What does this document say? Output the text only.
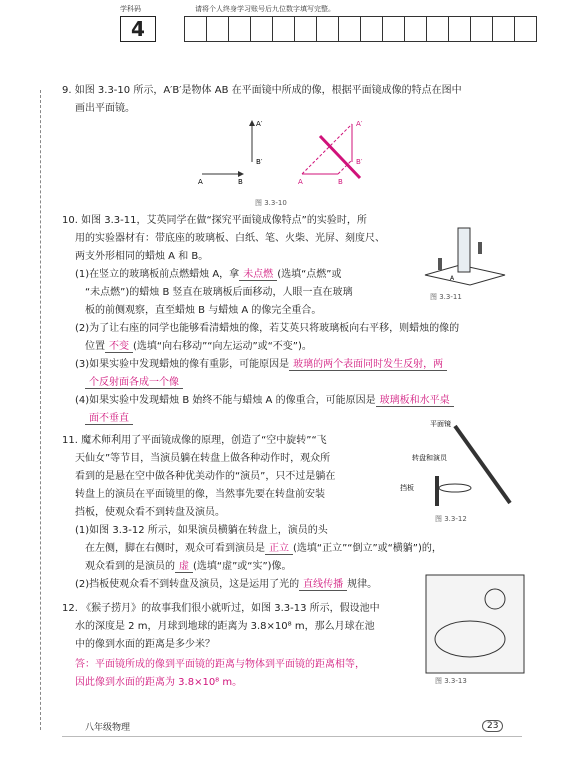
学科码	请将个人终身学习账号后九位数字填写完整。
4
9. 如图 3.3-10 所示，A′B′是物体 AB 在平面镜中所成的像，根据平面镜成像的特点在图中
画出平面镜。
A	B
A′
B′
A	B
A′
B′
图 3.3-10
10. 如图 3.3-11，艾英同学在做“探究平面镜成像特点”的实验时，所
用的实验器材有：带底座的玻璃板、白纸、笔、火柴、光屏、刻度尺、
两支外形相同的蜡烛 A 和 B。
(1)在竖立的玻璃板前点燃蜡烛 A，拿 未点燃 (选填“点燃”或
“未点燃”)的蜡烛 B 竖直在玻璃板后面移动，人眼一直在玻璃
板的前侧观察，直至蜡烛 B 与蜡烛 A 的像完全重合。
(2)为了让右座的同学也能够看清蜡烛的像，若艾英只将玻璃板向右平移，则蜡烛的像的
位置 不变 (选填“向右移动”“向左运动”或“不变”)。
(3)如果实验中发现蜡烛的像有重影，可能原因是 玻璃的两个表面同时发生反射，两
个反射面各成一个像
(4)如果实验中发现蜡烛 B 始终不能与蜡烛 A 的像重合，可能原因是 玻璃板和水平桌
面不垂直
A
图 3.3-11
11. 魔术师利用了平面镜成像的原理，创造了“空中旋转”“飞
天仙女”等节目，当演员躺在转盘上做各种动作时，观众所
看到的是悬在空中做各种优美动作的“演员”，只不过是躺在
转盘上的演员在平面镜里的像，当然事先要在转盘前安装
挡板，使观众看不到转盘及演员。
(1)如图 3.3-12 所示，如果演员横躺在转盘上，演员的头
在左侧，脚在右侧时，观众可看到演员是 正立 (选填“正立”“倒立”或“横躺”)的，
观众看到的是演员的 虚 (选填“虚”或“实”)像。
(2)挡板使观众看不到转盘及演员，这是运用了光的 直线传播 规律。
平面镜
转盘和演员
挡板
图 3.3-12
12. 《猴子捞月》的故事我们很小就听过，如图 3.3-13 所示，假设池中
水的深度是 2 m，月球到地球的距离为 3.8×10⁸ m，那么月球在池
中的像到水面的距离是多少米？
答：平面镜所成的像到平面镜的距离与物体到平面镜的距离相等，
因此像到水面的距离为 3.8×10⁸ m。	图 3.3-13
八年级物理	23
